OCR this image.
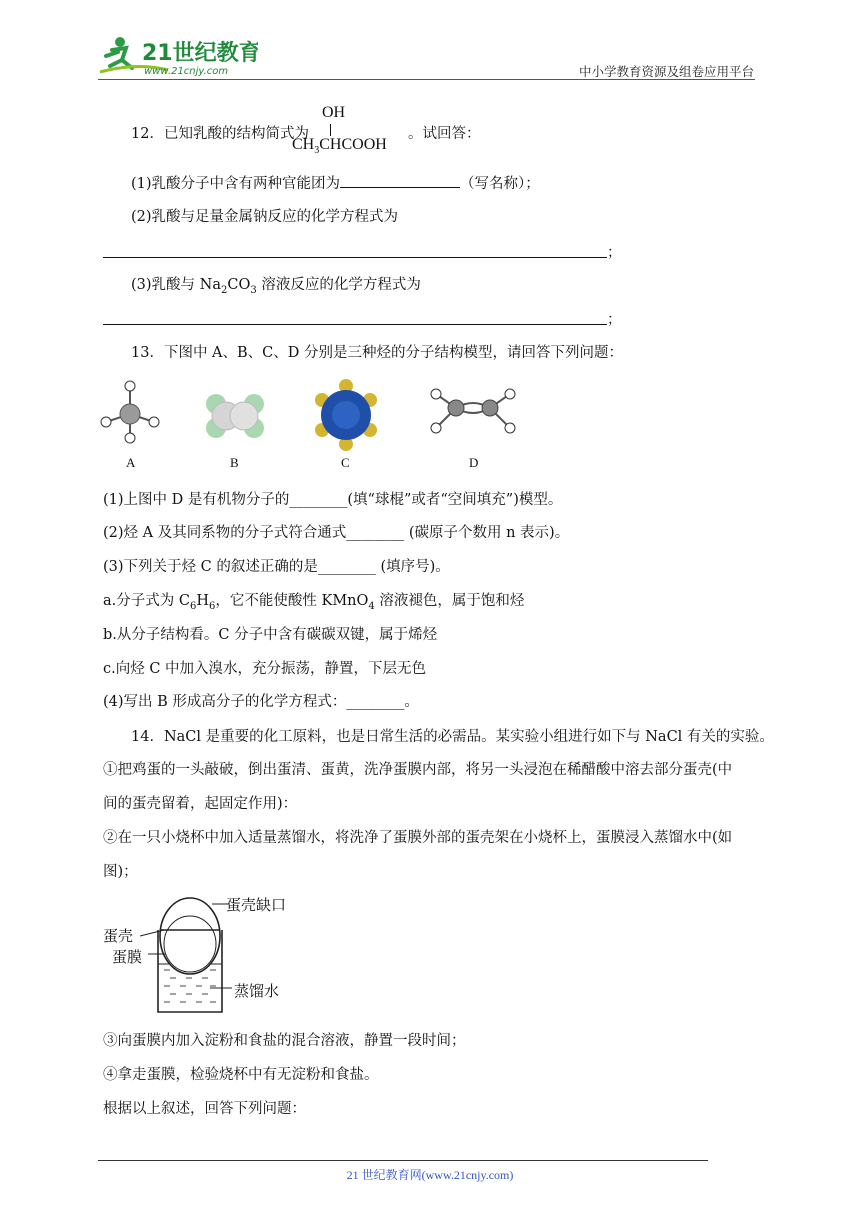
21世纪教育
www.21cnjy.com	中小学教育资源及组卷应用平台
12．已知乳酸的结构简式为
OH
$CH_3CHCOOH$
。试回答：
(1)乳酸分子中含有两种官能团为	（写名称）；
(2)乳酸与足量金属钠反应的化学方程式为
；
(3)乳酸与 $Na_2CO_3$ 溶液反应的化学方程式为
；
13．下图中 A、B、C、D 分别是三种烃的分子结构模型，请回答下列问题：
A	B	C	D
(1)上图中 D 是有机物分子的________(填“球棍”或者“空间填充”)模型。
(2)烃 A 及其同系物的分子式符合通式________ (碳原子个数用 n 表示)。
(3)下列关于烃 C 的叙述正确的是________ (填序号)。
a.分子式为 $C_6H_6$，它不能使酸性 KMnO$_4$ 溶液褪色，属于饱和烃
b.从分子结构看。C 分子中含有碳碳双键，属于烯烃
c.向烃 C 中加入溴水，充分振荡，静置，下层无色
(4)写出 B 形成高分子的化学方程式：________。
14．NaCl 是重要的化工原料，也是日常生活的必需品。某实验小组进行如下与 NaCl 有关的实验。
①把鸡蛋的一头敲破，倒出蛋清、蛋黄，洗净蛋膜内部，将另一头浸泡在稀醋酸中溶去部分蛋壳(中
间的蛋壳留着，起固定作用)：
②在一只小烧杯中加入适量蒸馏水，将洗净了蛋膜外部的蛋壳架在小烧杯上，蛋膜浸入蒸馏水中(如
图)；
蛋壳缺口
蛋壳
蛋膜
蒸馏水
③向蛋膜内加入淀粉和食盐的混合溶液，静置一段时间；
④拿走蛋膜，检验烧杯中有无淀粉和食盐。
根据以上叙述，回答下列问题：
21 世纪教育网(www.21cnjy.com)
